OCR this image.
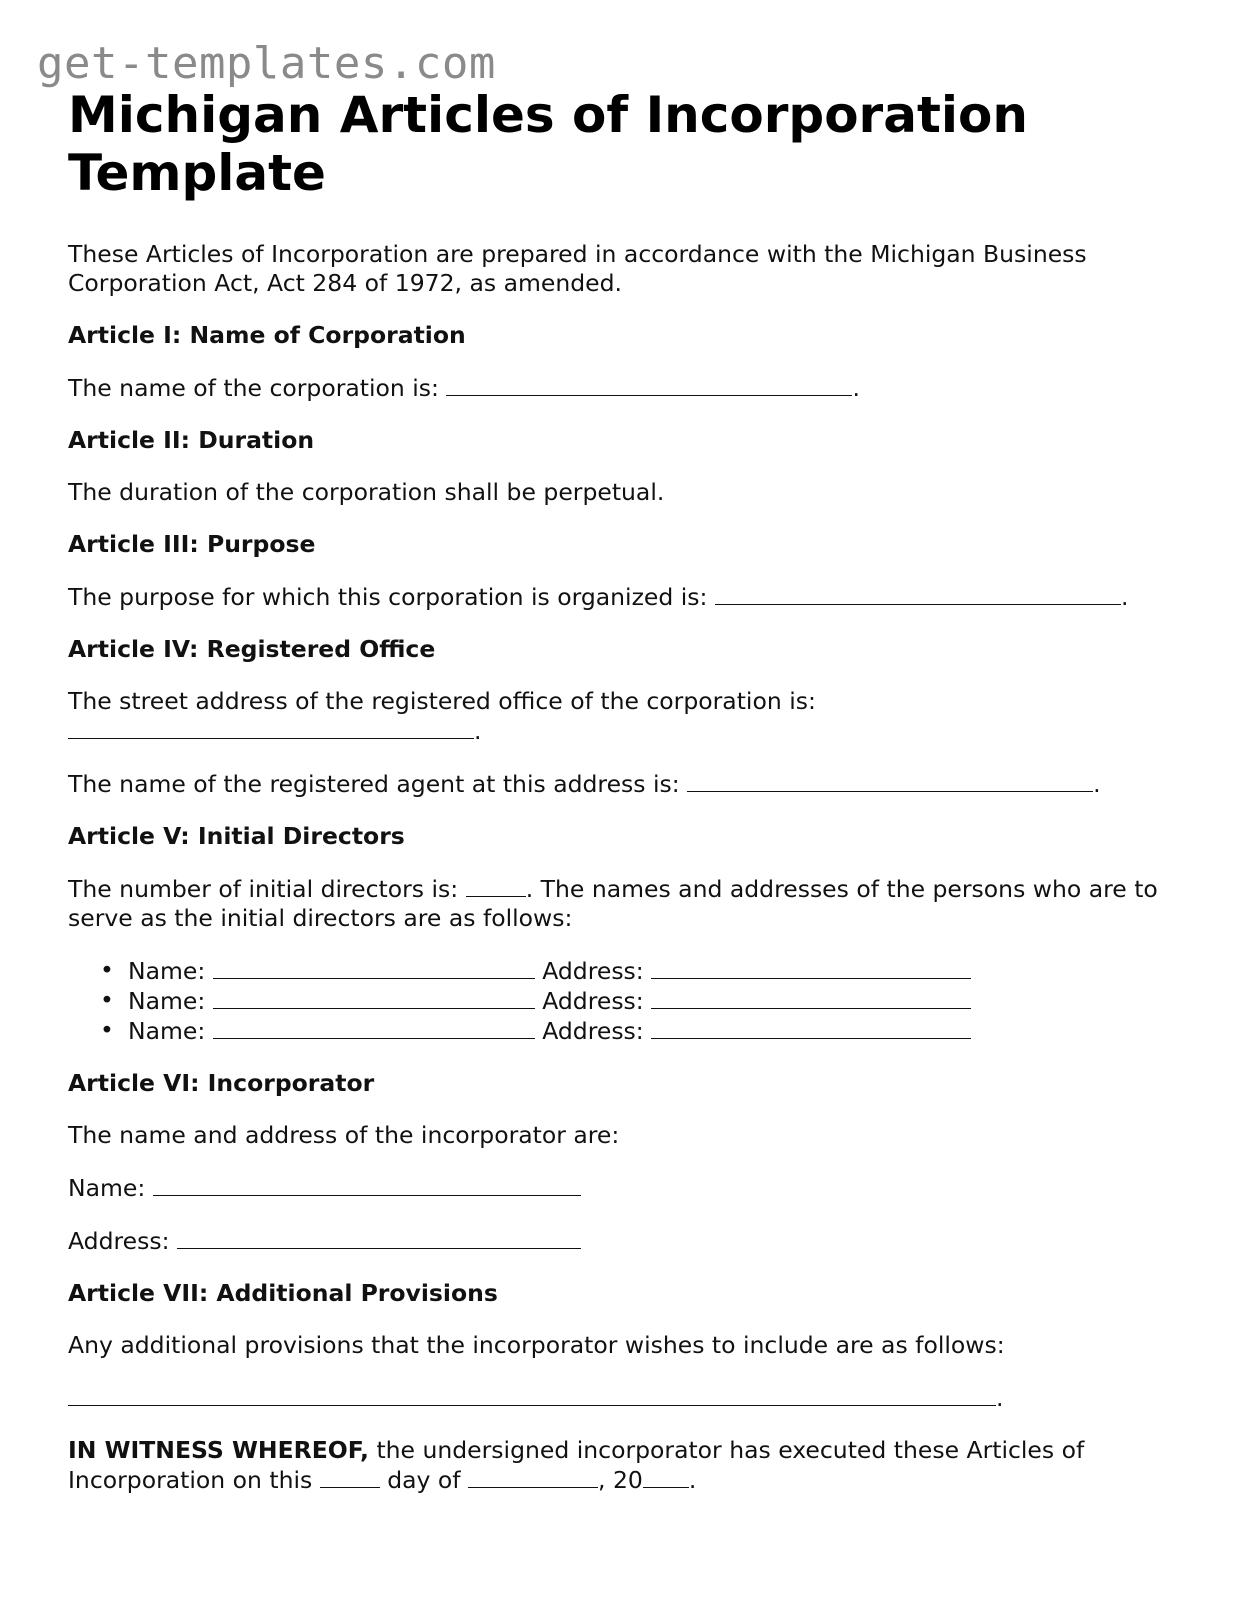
get-templates.com
Michigan Articles of Incorporation Template

These Articles of Incorporation are prepared in accordance with the Michigan Business Corporation Act, Act 284 of 1972, as amended.

Article I: Name of Corporation

The name of the corporation is:	.

Article II: Duration

The duration of the corporation shall be perpetual.

Article III: Purpose

The purpose for which this corporation is organized is:	.

Article IV: Registered Office

The street address of the registered office of the corporation is:
.

The name of the registered agent at this address is:	.

Article V: Initial Directors

The number of initial directors is:	. The names and addresses of the persons who are to serve as the initial directors are as follows:

• Name:	Address:
• Name:	Address:
• Name:	Address:

Article VI: Incorporator

The name and address of the incorporator are:

Name:

Address:

Article VII: Additional Provisions

Any additional provisions that the incorporator wishes to include are as follows:

.

IN WITNESS WHEREOF, the undersigned incorporator has executed these Articles of Incorporation on this	day of	, 20 .
